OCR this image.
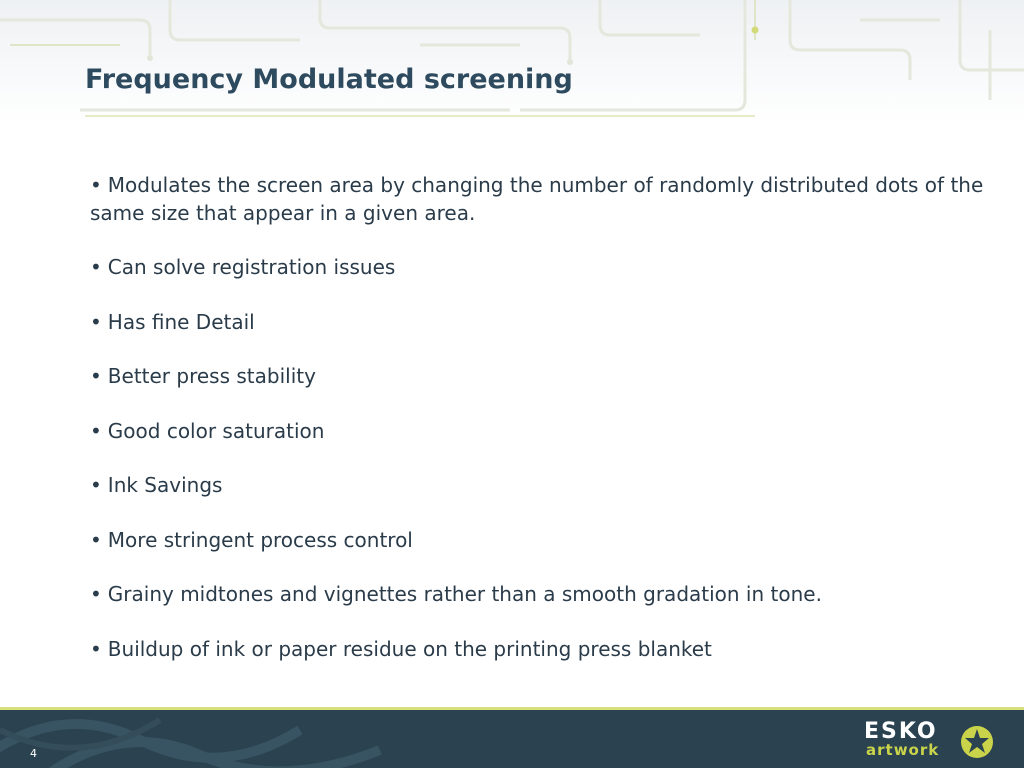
Frequency Modulated screening
• Modulates the screen area by changing the number of randomly distributed dots of the same size that appear in a given area.
• Can solve registration issues
• Has fine Detail
• Better press stability
• Good color saturation
• Ink Savings
• More stringent process control
• Grainy midtones and vignettes rather than a smooth gradation in tone.
• Buildup of ink or paper residue on the printing press blanket
4
ESKO
artwork
